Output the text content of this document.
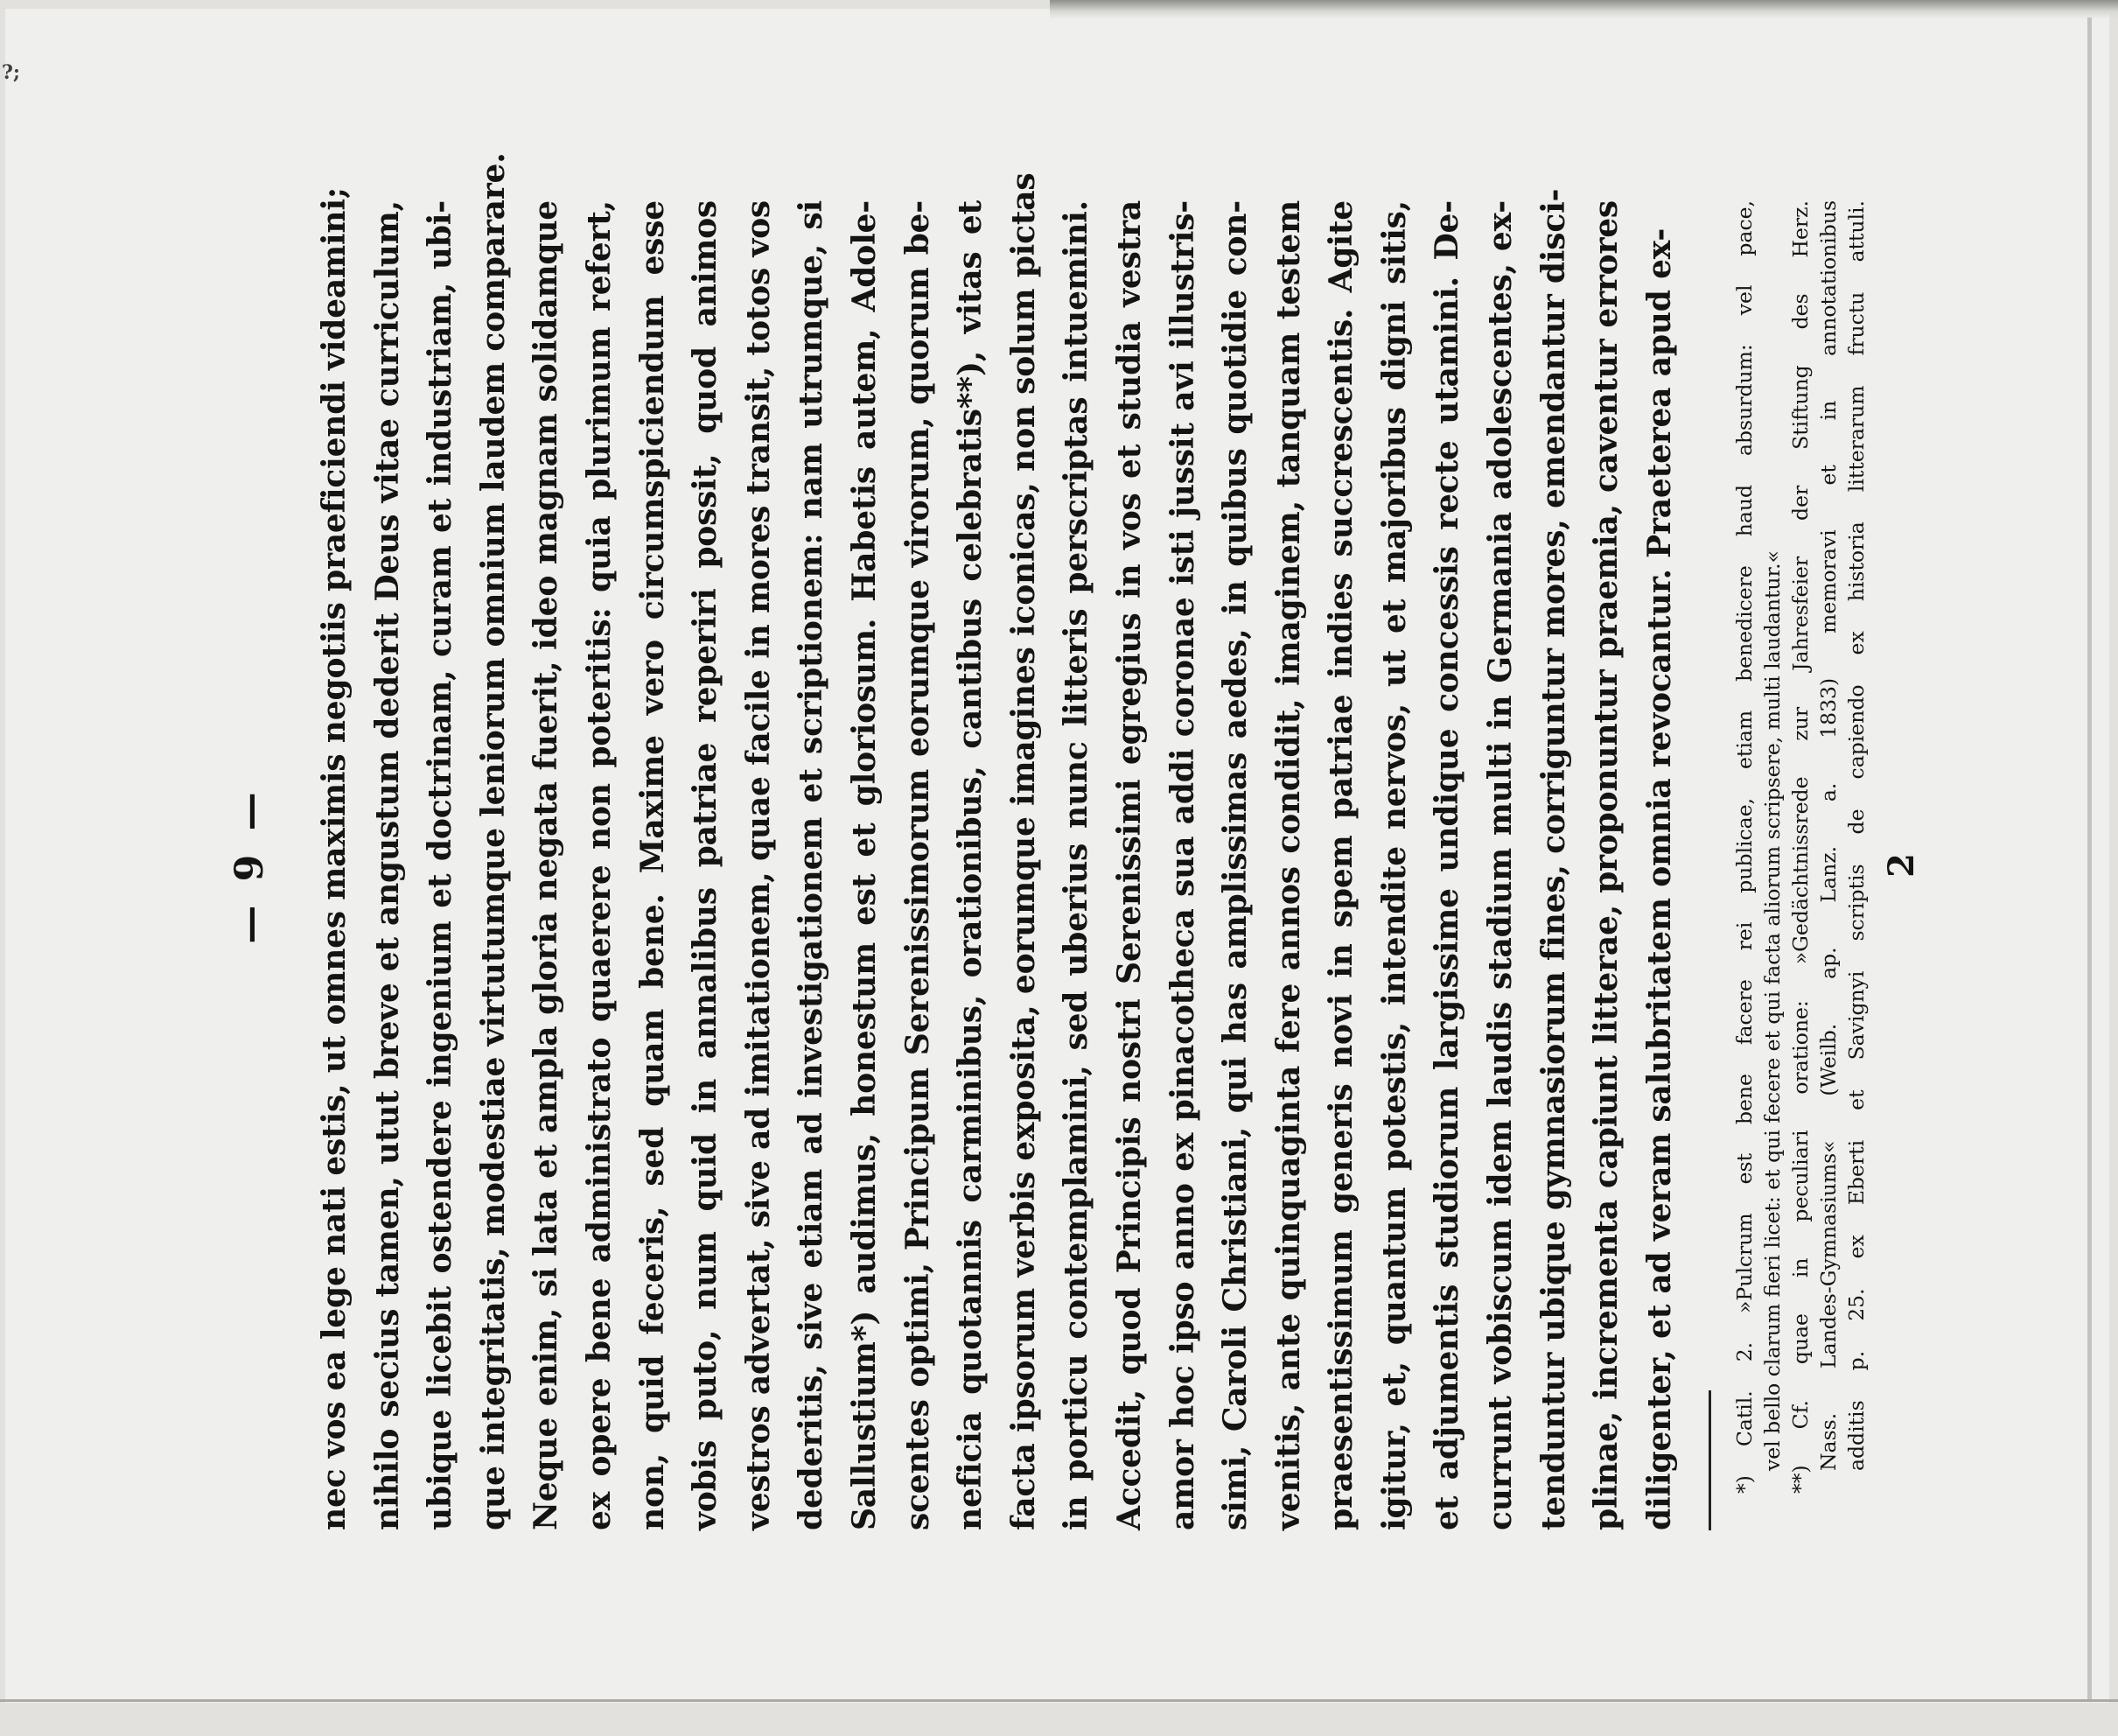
?;
— 9 —	nec vos ea lege nati estis, ut omnes maximis negotiis praeficiendi videamini; nihilo secius tamen, utut breve et angustum dederit Deus vitae curriculum, ubique licebit ostendere ingenium et doctrinam, curam et industriam, ubi- que integritatis, modestiae virtutumque leniorum omnium laudem comparare. Neque enim, si lata et ampla gloria negata fuerit, ideo magnam solidamque ex opere bene administrato quaerere non poteritis: quia plurimum refert, non, quid feceris, sed quam bene. Maxime vero circumspiciendum esse vobis puto, num quid in annalibus patriae reperiri possit, quod animos vestros advertat, sive ad imitationem, quae facile in mores transit, totos vos dederitis, sive etiam ad investigationem et scriptionem: nam utrumque, si Sallustium*) audimus, honestum est et gloriosum. Habetis autem, Adole- scentes optimi, Principum Serenissimorum eorumque virorum, quorum be- neficia quotannis carminibus, orationibus, cantibus celebratis**), vitas et facta ipsorum verbis exposita, eorumque imagines iconicas, non solum pictas in porticu contemplamini, sed uberius nunc litteris perscriptas intuemini. Accedit, quod Principis nostri Serenissimi egregius in vos et studia vestra amor hoc ipso anno ex pinacotheca sua addi coronae isti jussit avi illustris- simi, Caroli Christiani, qui has amplissimas aedes, in quibus quotidie con- venitis, ante quinquaginta fere annos condidit, imaginem, tanquam testem praesentissimum generis novi in spem patriae indies succrescentis. Agite igitur, et, quantum potestis, intendite nervos, ut et majoribus digni sitis, et adjumentis studiorum largissime undique concessis recte utamini. De- currunt vobiscum idem laudis stadium multi in Germania adolescentes, ex- tenduntur ubique gymnasiorum fines, corriguntur mores, emendantur disci- plinae, incrementa capiunt litterae, proponuntur praemia, caventur errores diligenter, et ad veram salubritatem omnia revocantur. Praeterea apud ex-	*) Catil. 2. »Pulcrum est bene facere rei publicae, etiam benedicere haud absurdum: vel pace, vel bello clarum fieri licet: et qui fecere et qui facta aliorum scripsere, multi laudantur.« **) Cf. quae in peculiari oratione: »Gedächtnissrede zur Jahresfeier der Stiftung des Herz. Nass. Landes-Gymnasiums« (Weilb. ap. Lanz. a. 1833) memoravi et in annotationibus additis p. 25. ex Eberti et Savignyi scriptis de capiendo ex historia litterarum fructu attuli. 2
